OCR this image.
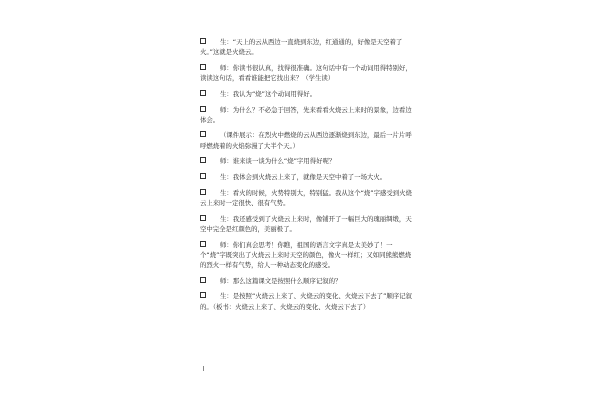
生：“天上的云从西边一直烧到东边，红通通的，好像是天空着了火。”这就是火烧云。

师：你读书很认真，找得很准确。这句话中有一个动词用得特别好，读读这句话，看看谁能把它找出来？（学生读）

生：我认为“烧”这个动词用得好。

师：为什么？不必急于回答，先来看看火烧云上来时的景象，边看边体会。

（课件展示：在烈火中燃烧的云从西边逐渐烧到东边，最后一片片呼呼燃烧着的火焰弥漫了大半个天。）

师：谁来谈一谈为什么“烧”字用得好呢？

生：我体会到火烧云上来了，就像是天空中着了一场大火。

生：看火的时候，火势特别大，特别猛。我从这个“烧”字感受到火烧云上来时一定很快、很有气势。

生：我还感受到了火烧云上来时，像铺开了一幅巨大的瑰丽绸缎，天空中完全是红颜色的，美丽极了。

师：你们真会思考！你瞧，祖国的语言文字真是太美妙了！一个“烧”字既突出了火烧云上来时天空的颜色，像火一样红；又如同熊熊燃烧的烈火一样有气势，给人一种动态变化的感受。

师：那么这篇课文是按照什么顺序记叙的？

生：是按照“火烧云上来了、火烧云的变化、火烧云下去了”顺序记叙的。（板书：火烧云上来了、火烧云的变化、火烧云下去了）
